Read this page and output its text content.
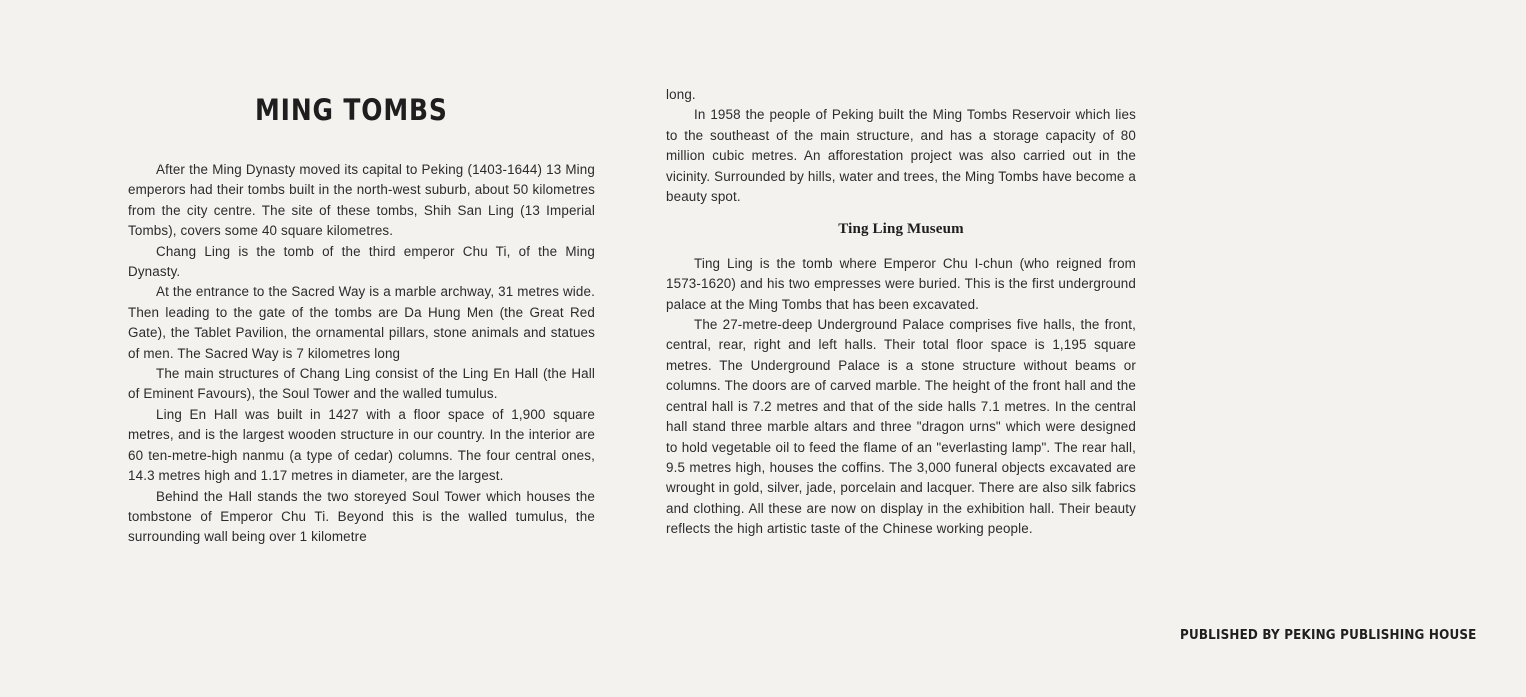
MING TOMBS

After the Ming Dynasty moved its capital to Peking (1403-1644) 13 Ming emperors had their tombs built in the north-west suburb, about 50 kilometres from the city centre. The site of these tombs, Shih San Ling (13 Imperial Tombs), covers some 40 square kilometres.

Chang Ling is the tomb of the third emperor Chu Ti, of the Ming Dynasty.

At the entrance to the Sacred Way is a marble archway, 31 metres wide. Then leading to the gate of the tombs are Da Hung Men (the Great Red Gate), the Tablet Pavilion, the ornamental pillars, stone animals and statues of men. The Sacred Way is 7 kilometres long

The main structures of Chang Ling consist of the Ling En Hall (the Hall of Eminent Favours), the Soul Tower and the walled tumulus.

Ling En Hall was built in 1427 with a floor space of 1,900 square metres, and is the largest wooden structure in our country. In the interior are 60 ten-metre-high nanmu (a type of cedar) columns. The four central ones, 14.3 metres high and 1.17 metres in diameter, are the largest.

Behind the Hall stands the two storeyed Soul Tower which houses the tombstone of Emperor Chu Ti. Beyond this is the walled tumulus, the surrounding wall being over 1 kilometre

long.

In 1958 the people of Peking built the Ming Tombs Reservoir which lies to the southeast of the main structure, and has a storage capacity of 80 million cubic metres. An afforestation project was also carried out in the vicinity. Surrounded by hills, water and trees, the Ming Tombs have become a beauty spot.

Ting Ling Museum

Ting Ling is the tomb where Emperor Chu I-chun (who reigned from 1573-1620) and his two empresses were buried. This is the first underground palace at the Ming Tombs that has been excavated.

The 27-metre-deep Underground Palace comprises five halls, the front, central, rear, right and left halls. Their total floor space is 1,195 square metres. The Underground Palace is a stone structure without beams or columns. The doors are of carved marble. The height of the front hall and the central hall is 7.2 metres and that of the side halls 7.1 metres. In the central hall stand three marble altars and three "dragon urns" which were designed to hold vegetable oil to feed the flame of an "everlasting lamp". The rear hall, 9.5 metres high, houses the coffins. The 3,000 funeral objects excavated are wrought in gold, silver, jade, porcelain and lacquer. There are also silk fabrics and clothing. All these are now on display in the exhibition hall. Their beauty reflects the high artistic taste of the Chinese working people.

PUBLISHED BY PEKING PUBLISHING HOUSE
